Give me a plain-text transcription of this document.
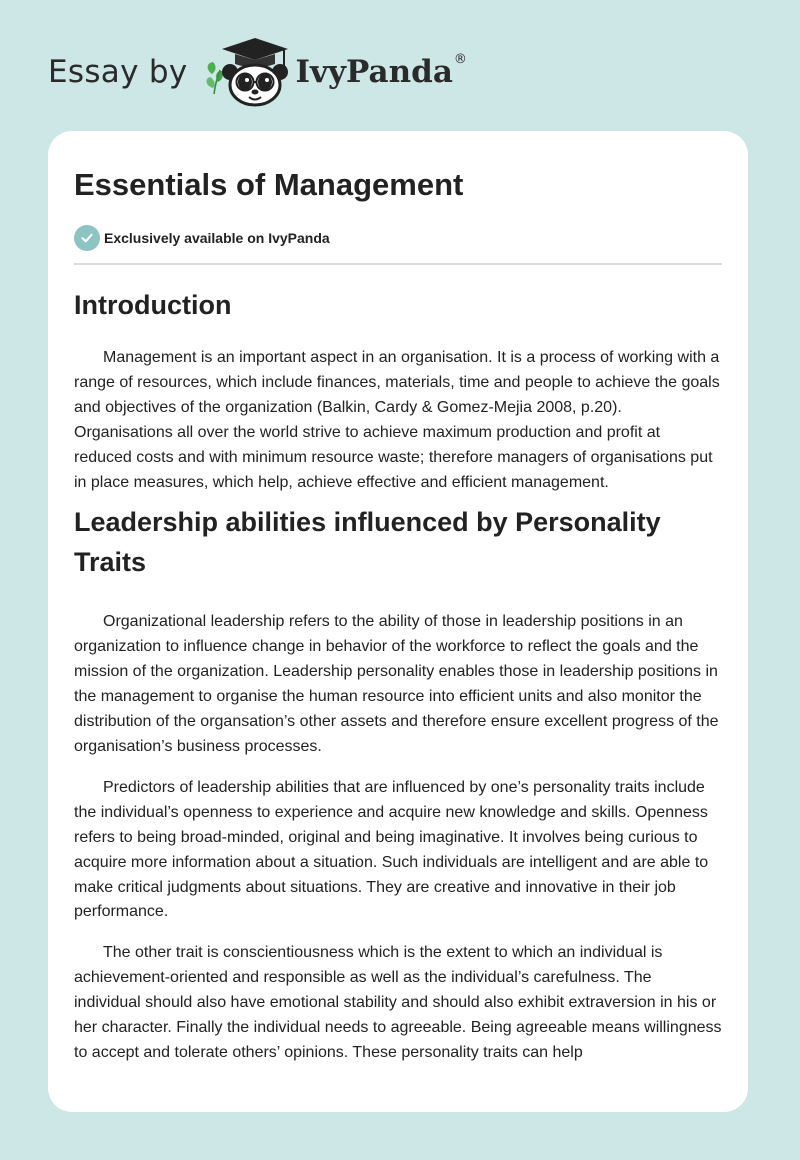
Essay by	IvyPanda ®
Essentials of Management
Exclusively available on IvyPanda
Introduction

Management is an important aspect in an organisation. It is a process of working with a range of resources, which include finances, materials, time and people to achieve the goals and objectives of the organization (Balkin, Cardy & Gomez-Mejia 2008, p.20). Organisations all over the world strive to achieve maximum production and profit at reduced costs and with minimum resource waste; therefore managers of organisations put in place measures, which help, achieve effective and efficient management.

Leadership abilities influenced by Personality Traits

Organizational leadership refers to the ability of those in leadership positions in an organization to influence change in behavior of the workforce to reflect the goals and the mission of the organization. Leadership personality enables those in leadership positions in the management to organise the human resource into efficient units and also monitor the distribution of the organsation’s other assets and therefore ensure excellent progress of the organisation’s business processes.

Predictors of leadership abilities that are influenced by one’s personality traits include the individual’s openness to experience and acquire new knowledge and skills. Openness refers to being broad-minded, original and being imaginative. It involves being curious to acquire more information about a situation. Such individuals are intelligent and are able to make critical judgments about situations. They are creative and innovative in their job performance.

The other trait is conscientiousness which is the extent to which an individual is achievement-oriented and responsible as well as the individual’s carefulness. The individual should also have emotional stability and should also exhibit extraversion in his or her character. Finally the individual needs to agreeable. Being agreeable means willingness to accept and tolerate others’ opinions. These personality traits can help
